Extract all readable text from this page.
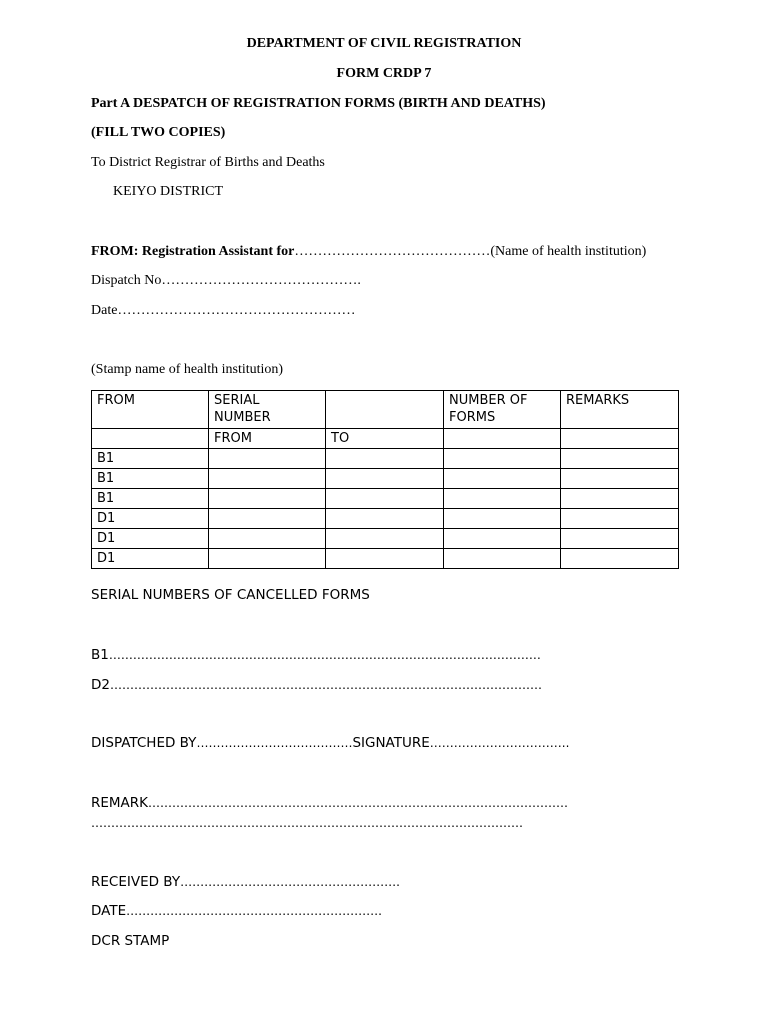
DEPARTMENT OF CIVIL REGISTRATION
FORM CRDP 7
Part A DESPATCH OF REGISTRATION FORMS (BIRTH AND DEATHS)
(FILL TWO COPIES)
To District Registrar of Births and Deaths
KEIYO DISTRICT
FROM: Registration Assistant for……………………………………(Name of health institution)
Dispatch No…………………………………….
Date……………………………………………
(Stamp name of health institution)
FROM	SERIAL NUMBER		NUMBER OF FORMS	REMARKS
	FROM	TO		
B1				
B1				
B1				
D1				
D1				
D1				
SERIAL NUMBERS OF CANCELLED FORMS
B1………………………………………………………………………………………………
D2………………………………………………………………………………………………
DISPATCHED BY…………………………………SIGNATURE……………………………..
REMARK……………………………………………………………………………………………
………………………………………………………………………………………………
RECEIVED BY……………………………………………….
DATE……………………………………………………….
DCR STAMP
